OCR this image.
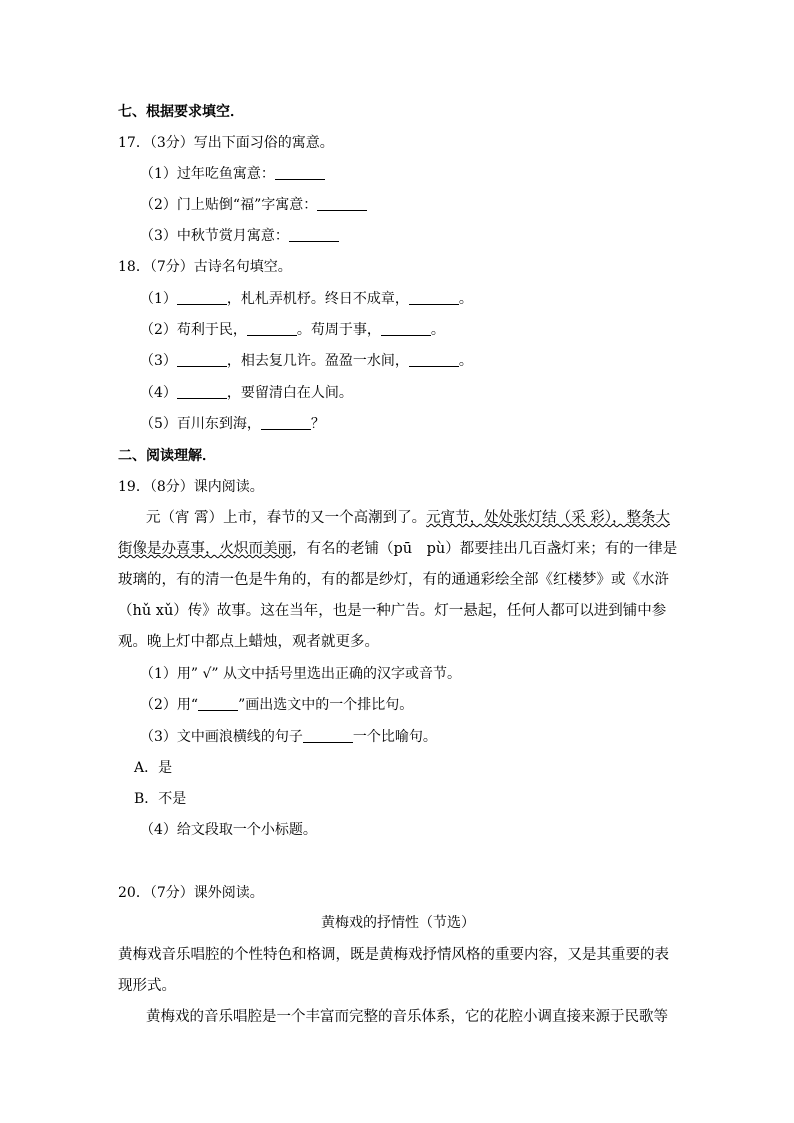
七、根据要求填空．
17．（3分）写出下面习俗的寓意。
（1）过年吃鱼寓意：
（2）门上贴倒“福”字寓意：
（3）中秋节赏月寓意：
18．（7分）古诗名句填空。
（1）	，札札弄机杼。终日不成章，	。
（2）苟利于民，	。苟周于事，	。
（3）	，相去复几许。盈盈一水间，	。
（4）	，要留清白在人间。
（5）百川东到海，	？
二、阅读理解．
19．（8分）课内阅读。
元（宵 霄）上市，春节的又一个高潮到了。元宵节，处处张灯结（采 彩），整条大街像是办喜事，火炽而美丽，有名的老铺（pū　pù）都要挂出几百盏灯来；有的一律是玻璃的，有的清一色是牛角的，有的都是纱灯，有的通通彩绘全部《红楼梦》或《水浒（hǔ xǔ）传》故事。这在当年，也是一种广告。灯一悬起，任何人都可以进到铺中参观。晚上灯中都点上蜡烛，观者就更多。
（1）用” √” 从文中括号里选出正确的汉字或音节。
（2）用“	”画出选文中的一个排比句。
（3）文中画浪横线的句子	一个比喻句。
A．是
B．不是
（4）给文段取一个小标题。
20．（7分）课外阅读。
黄梅戏的抒情性（节选）
黄梅戏音乐唱腔的个性特色和格调，既是黄梅戏抒情风格的重要内容，又是其重要的表现形式。
黄梅戏的音乐唱腔是一个丰富而完整的音乐体系，它的花腔小调直接来源于民歌等
